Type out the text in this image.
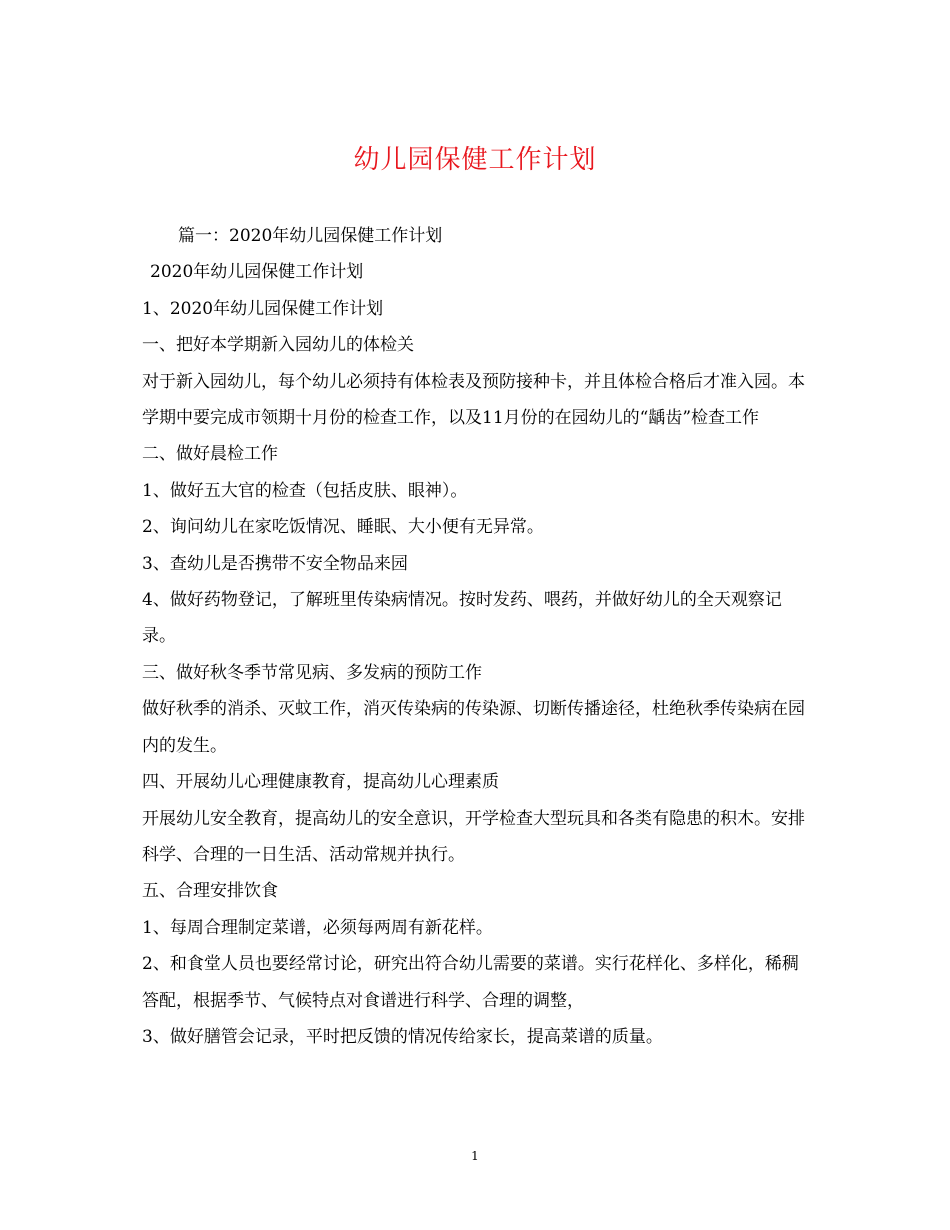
幼儿园保健工作计划

篇一：2020年幼儿园保健工作计划

2020年幼儿园保健工作计划

1、2020年幼儿园保健工作计划

一、把好本学期新入园幼儿的体检关

对于新入园幼儿，每个幼儿必须持有体检表及预防接种卡，并且体检合格后才准入园。本学期中要完成市领期十月份的检查工作，以及11月份的在园幼儿的“龋齿”检查工作

二、做好晨检工作

1、做好五大官的检查（包括皮肤、眼神）。

2、询问幼儿在家吃饭情况、睡眠、大小便有无异常。

3、查幼儿是否携带不安全物品来园

4、做好药物登记，了解班里传染病情况。按时发药、喂药，并做好幼儿的全天观察记录。

三、做好秋冬季节常见病、多发病的预防工作

做好秋季的消杀、灭蚊工作，消灭传染病的传染源、切断传播途径，杜绝秋季传染病在园内的发生。

四、开展幼儿心理健康教育，提高幼儿心理素质

开展幼儿安全教育，提高幼儿的安全意识，开学检查大型玩具和各类有隐患的积木。安排科学、合理的一日生活、活动常规并执行。

五、合理安排饮食

1、每周合理制定菜谱，必须每两周有新花样。

2、和食堂人员也要经常讨论，研究出符合幼儿需要的菜谱。实行花样化、多样化，稀稠答配，根据季节、气候特点对食谱进行科学、合理的调整，

3、做好膳管会记录，平时把反馈的情况传给家长，提高菜谱的质量。

1
